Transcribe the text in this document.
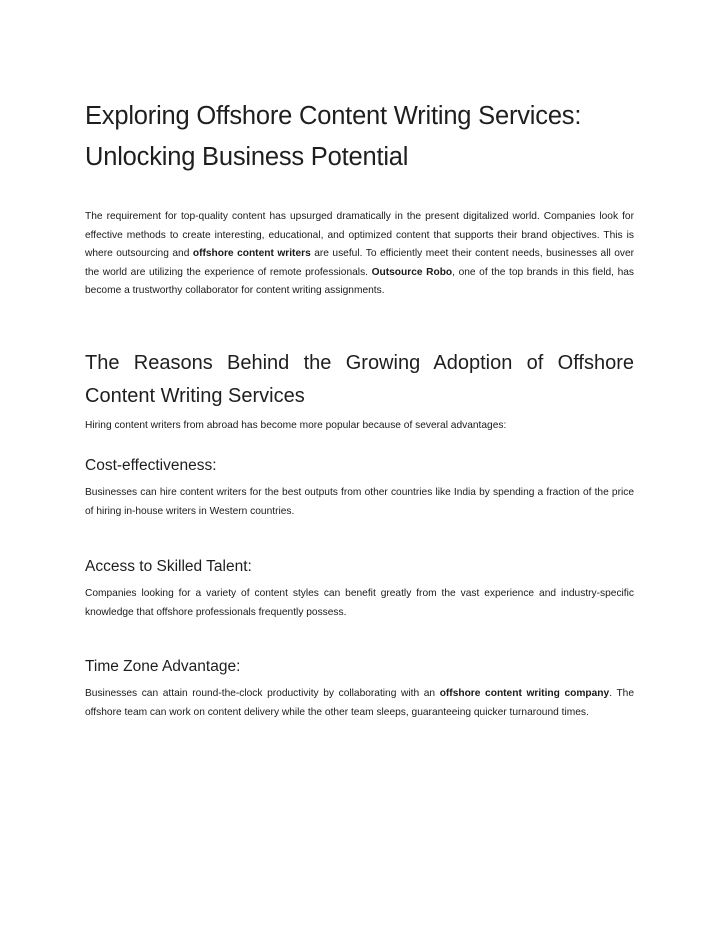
Exploring Offshore Content Writing Services: Unlocking Business Potential

The requirement for top-quality content has upsurged dramatically in the present digitalized world. Companies look for effective methods to create interesting, educational, and optimized content that supports their brand objectives. This is where outsourcing and offshore content writers are useful. To efficiently meet their content needs, businesses all over the world are utilizing the experience of remote professionals. Outsource Robo, one of the top brands in this field, has become a trustworthy collaborator for content writing assignments.

The Reasons Behind the Growing Adoption of Offshore Content Writing Services

Hiring content writers from abroad has become more popular because of several advantages:

Cost-effectiveness:

Businesses can hire content writers for the best outputs from other countries like India by spending a fraction of the price of hiring in-house writers in Western countries.

Access to Skilled Talent:

Companies looking for a variety of content styles can benefit greatly from the vast experience and industry-specific knowledge that offshore professionals frequently possess.

Time Zone Advantage:

Businesses can attain round-the-clock productivity by collaborating with an offshore content writing company. The offshore team can work on content delivery while the other team sleeps, guaranteeing quicker turnaround times.
